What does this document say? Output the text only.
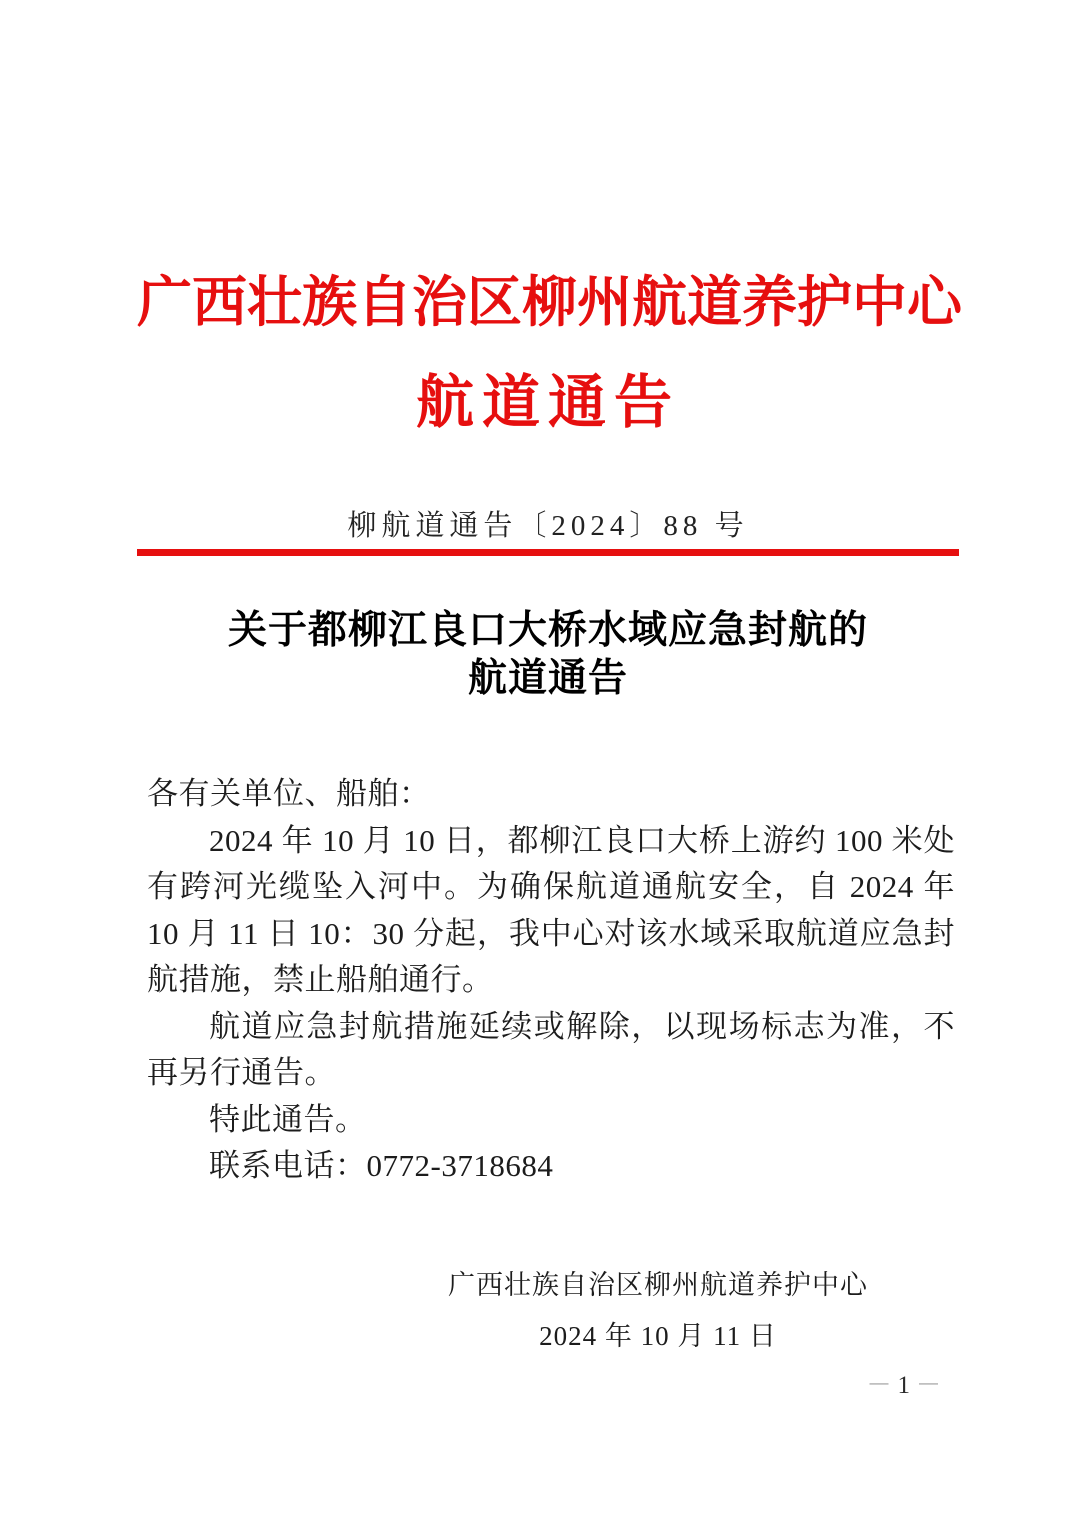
广西壮族自治区柳州航道养护中心
航道通告
柳航道通告〔2024〕88 号
关于都柳江良口大桥水域应急封航的
航道通告

各有关单位、船舶：

2024 年 10 月 10 日，都柳江良口大桥上游约 100 米处有跨河光缆坠入河中。为确保航道通航安全，自 2024 年 10 月 11 日 10：30 分起，我中心对该水域采取航道应急封航措施，禁止船舶通行。

航道应急封航措施延续或解除，以现场标志为准，不再另行通告。

特此通告。

联系电话：0772-3718684

广西壮族自治区柳州航道养护中心
2024 年 10 月 11 日
－1－
